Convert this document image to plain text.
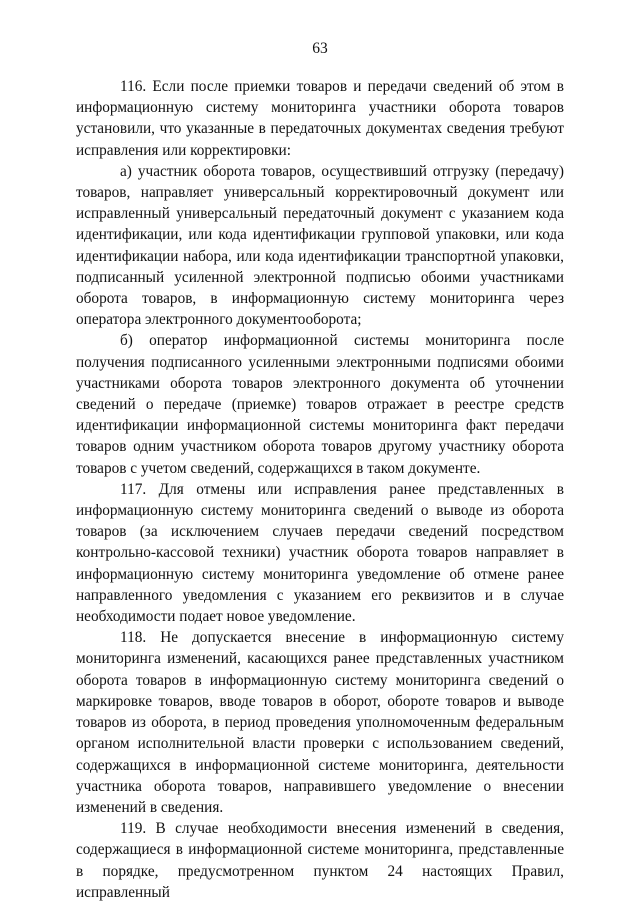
63

116. Если после приемки товаров и передачи сведений об этом в информационную систему мониторинга участники оборота товаров установили, что указанные в передаточных документах сведения требуют исправления или корректировки:

а) участник оборота товаров, осуществивший отгрузку (передачу) товаров, направляет универсальный корректировочный документ или исправленный универсальный передаточный документ с указанием кода идентификации, или кода идентификации групповой упаковки, или кода идентификации набора, или кода идентификации транспортной упаковки, подписанный усиленной электронной подписью обоими участниками оборота товаров, в информационную систему мониторинга через оператора электронного документооборота;

б) оператор информационной системы мониторинга после получения подписанного усиленными электронными подписями обоими участниками оборота товаров электронного документа об уточнении сведений о передаче (приемке) товаров отражает в реестре средств идентификации информационной системы мониторинга факт передачи товаров одним участником оборота товаров другому участнику оборота товаров с учетом сведений, содержащихся в таком документе.

117. Для отмены или исправления ранее представленных в информационную систему мониторинга сведений о выводе из оборота товаров (за исключением случаев передачи сведений посредством контрольно-кассовой техники) участник оборота товаров направляет в информационную систему мониторинга уведомление об отмене ранее направленного уведомления с указанием его реквизитов и в случае необходимости подает новое уведомление.

118. Не допускается внесение в информационную систему мониторинга изменений, касающихся ранее представленных участником оборота товаров в информационную систему мониторинга сведений о маркировке товаров, вводе товаров в оборот, обороте товаров и выводе товаров из оборота, в период проведения уполномоченным федеральным органом исполнительной власти проверки с использованием сведений, содержащихся в информационной системе мониторинга, деятельности участника оборота товаров, направившего уведомление о внесении изменений в сведения.

119. В случае необходимости внесения изменений в сведения, содержащиеся в информационной системе мониторинга, представленные в порядке, предусмотренном пунктом 24 настоящих Правил, исправленный
